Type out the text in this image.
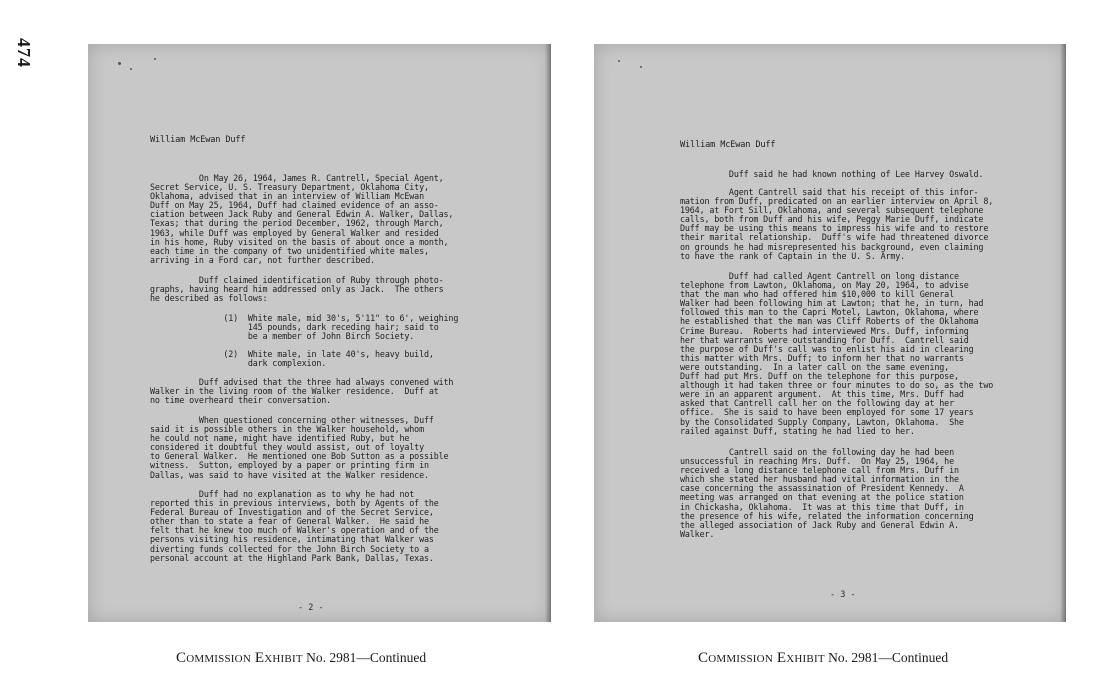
474
William McEwan Duff
On May 26, 1964, James R. Cantrell, Special Agent,
Secret Service, U. S. Treasury Department, Oklahoma City,
Oklahoma, advised that in an interview of William McEwan
Duff on May 25, 1964, Duff had claimed evidence of an asso-
ciation between Jack Ruby and General Edwin A. Walker, Dallas,
Texas; that during the period December, 1962, through March,
1963, while Duff was employed by General Walker and resided
in his home, Ruby visited on the basis of about once a month,
each time in the company of two unidentified white males,
arriving in a Ford car, not further described.
Duff claimed identification of Ruby through photo-
graphs, having heard him addressed only as Jack.  The others
he described as follows:
(1)  White male, mid 30's, 5'11" to 6', weighing
145 pounds, dark receding hair; said to
be a member of John Birch Society.
(2)  White male, in late 40's, heavy build,
dark complexion.
Duff advised that the three had always convened with
Walker in the living room of the Walker residence.  Duff at
no time overheard their conversation.
When questioned concerning other witnesses, Duff
said it is possible others in the Walker household, whom
he could not name, might have identified Ruby, but he
considered it doubtful they would assist, out of loyalty
to General Walker.  He mentioned one Bob Sutton as a possible
witness.  Sutton, employed by a paper or printing firm in
Dallas, was said to have visited at the Walker residence.
Duff had no explanation as to why he had not
reported this in previous interviews, both by Agents of the
Federal Bureau of Investigation and of the Secret Service,
other than to state a fear of General Walker.  He said he
felt that he knew too much of Walker's operation and of the
persons visiting his residence, intimating that Walker was
diverting funds collected for the John Birch Society to a
personal account at the Highland Park Bank, Dallas, Texas.
- 2 -
William McEwan Duff
Duff said he had known nothing of Lee Harvey Oswald.
Agent Cantrell said that his receipt of this infor-
mation from Duff, predicated on an earlier interview on April 8,
1964, at Fort Sill, Oklahoma, and several subsequent telephone
calls, both from Duff and his wife, Peggy Marie Duff, indicate
Duff may be using this means to impress his wife and to restore
their marital relationship.  Duff's wife had threatened divorce
on grounds he had misrepresented his background, even claiming
to have the rank of Captain in the U. S. Army.
Duff had called Agent Cantrell on long distance
telephone from Lawton, Oklahoma, on May 20, 1964, to advise
that the man who had offered him $10,000 to kill General
Walker had been following him at Lawton; that he, in turn, had
followed this man to the Capri Motel, Lawton, Oklahoma, where
he established that the man was Cliff Roberts of the Oklahoma
Crime Bureau.  Roberts had interviewed Mrs. Duff, informing
her that warrants were outstanding for Duff.  Cantrell said
the purpose of Duff's call was to enlist his aid in clearing
this matter with Mrs. Duff; to inform her that no warrants
were outstanding.  In a later call on the same evening,
Duff had put Mrs. Duff on the telephone for this purpose,
although it had taken three or four minutes to do so, as the two
were in an apparent argument.  At this time, Mrs. Duff had
asked that Cantrell call her on the following day at her
office.  She is said to have been employed for some 17 years
by the Consolidated Supply Company, Lawton, Oklahoma.  She
railed against Duff, stating he had lied to her.
Cantrell said on the following day he had been
unsuccessful in reaching Mrs. Duff.  On May 25, 1964, he
received a long distance telephone call from Mrs. Duff in
which she stated her husband had vital information in the
case concerning the assassination of President Kennedy.  A
meeting was arranged on that evening at the police station
in Chickasha, Oklahoma.  It was at this time that Duff, in
the presence of his wife, related the information concerning
the alleged association of Jack Ruby and General Edwin A.
Walker.
- 3 -
Commission Exhibit No. 2981—Continued	Commission Exhibit No. 2981—Continued
